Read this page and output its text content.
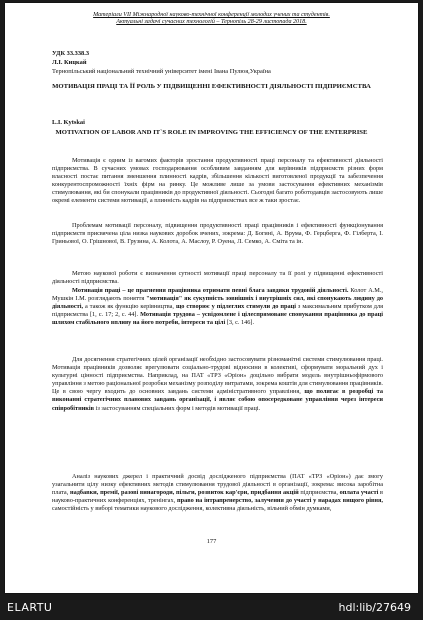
Матеріали VІІ Міжнародної науково-технічної конференції молодих учених та студентів.
Актуальні задачі сучасних технологій – Тернопіль 28-29 листопада 2018.
УДК 33.338.3
Л.І. Кицкай
Тернопільський національний технічний університет імені Івана Пулюя,Україна
МОТИВАЦІЯ ПРАЦІ ТА ЇЇ РОЛЬ У ПІДВИЩЕННІ ЕФЕКТИВНОСТІ ДІЯЛЬНОСТІ ПІДПРИЄМСТВА
L.I. Kytskai
MOTIVATION OF LABOR AND IT`S ROLE IN IMPROVING THE EFFICIENCY OF THE ENTERPRISE

Мотивація є одним із вагомих факторів зростання продуктивності праці персоналу та ефективності діяльності підприємства. В сучасних умовах господарювання особливим завданням для керівників підприємств різних форм власності постає питання зменшення плинності кадрів, збільшення кількості виготовленої продукції та забезпечення конкурентоспроможності їхніх фірм на ринку. Це можливе лише за умови застосування ефективних механізмів стимулювання, які би спонукали працівників до продуктивної діяльності. Сьогодні багато роботодавців застосовують лише окремі елементи системи мотивації, а плинність кадрів на підприємствах все ж таки зростає.

Проблемам мотивації персоналу, підвищення продуктивності праці працівників і ефективності функціонування підприємств присвячена ціла низка наукових доробок вчених, зокрема: Д. Богині, А. Врума, Ф. Герцберга, Ф. Гілберта, І. Гриньової, О. Грішнової, В. Грузина, А. Колота, А. Маслоу, Р. Оуена, Л. Семко, А. Сміта та ін.

Метою наукової роботи є визначення сутності мотивації праці персоналу та її ролі у підвищенні ефективності діяльності підприємства.

Мотивація праці – це прагнення працівника отримати певні блага завдяки трудовій діяльності. Колот А.М., Мушкін І.М. розглядають поняття "мотивація" як сукупність зовнішніх і внутрішніх сил, які спонукають людину до діяльності, а також як функцію керівництва, що створює у підлеглих стимули до праці з максимальним прибутком для підприємства [1, с. 17; 2, с. 44]. Мотивація трудова – усвідомлене і цілеспрямоване спонукання працівника до праці шляхом стабільного впливу на його потреби, інтереси та цілі [3, с. 146].

Для досягнення стратегічних цілей організації необхідно застосовувати різноманітні системи стимулювання праці. Мотивація працівників дозволяє врегулювати соціально-трудові відносини в колективі, сформувати моральний дух і культурні цінності підприємства. Наприклад, на ПАТ «ТРЗ «Оріон» доцільно вибрати модель внутрішньофірмового управління з метою раціональної розробки механізму розподілу витратами, зокрема коштів для стимулювання працівників. Це в свою чергу входить до основних завдань системи адміністративного управління, що полягає в розробці та виконанні стратегічних планових завдань організації, і являє собою опосередковане управління через інтереси співробітників із застосуванням спеціальних форм і методів мотивації праці.

Аналіз наукових джерел і практичний досвід дослідженого підприємства (ПАТ «ТРЗ «Оріон») дає змогу узагальнити цілу низку ефективних методів стимулювання трудової діяльності в організації, зокрема: висока заробітна плата, надбавки, премії, разові винагороди, пільги, розвиток кар'єри, придбання акцій підприємства, оплата участі в науково-практичних конференціях, тренінгах, право на інтрапренерство, залучення до участі у нарадах вищого рівня, самостійність у виборі тематики наукового дослідження, колективна діяльність, вільний обмін думками,

177
ELARTU	hdl:lib/27649
